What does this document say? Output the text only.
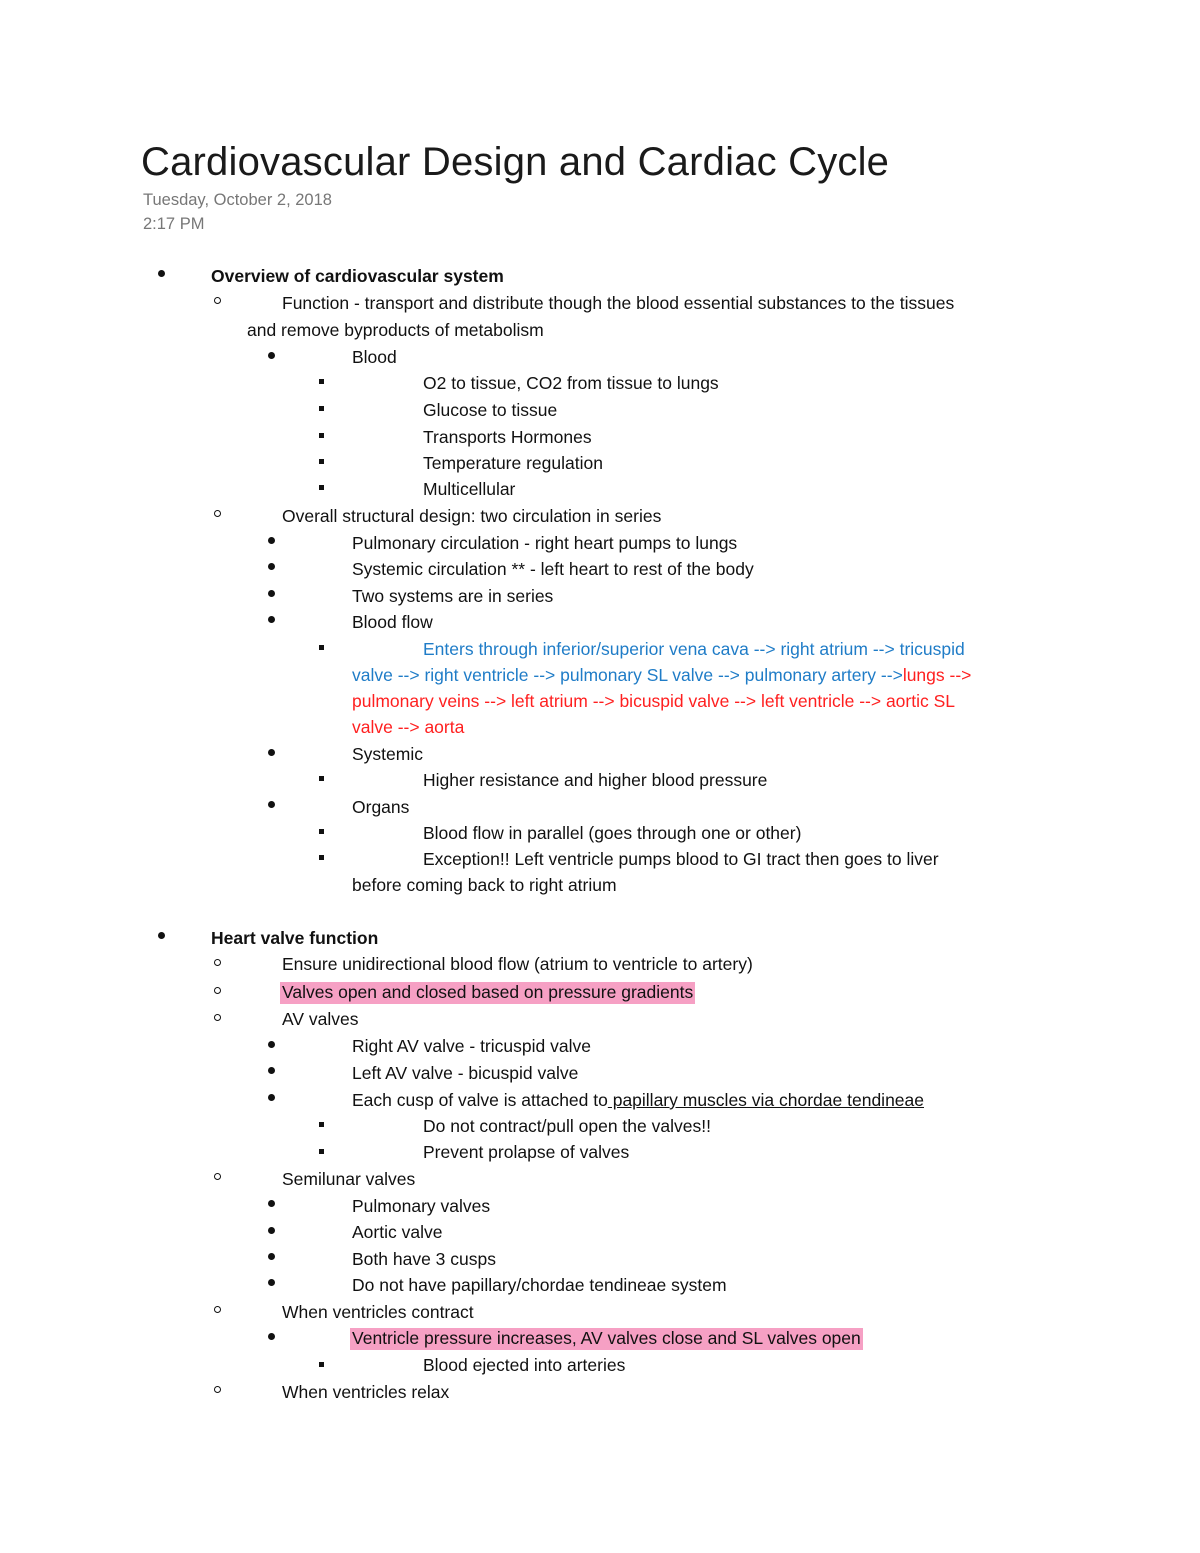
Cardiovascular Design and Cardiac Cycle
Tuesday, October 2, 2018
2:17 PM
Overview of cardiovascular system
Function - transport and distribute though the blood essential substances to the tissues
and remove byproducts of metabolism
Blood
O2 to tissue, CO2 from tissue to lungs
Glucose to tissue
Transports Hormones
Temperature regulation
Multicellular
Overall structural design: two circulation in series
Pulmonary circulation - right heart pumps to lungs
Systemic circulation ** - left heart to rest of the body
Two systems are in series
Blood flow
Enters through inferior/superior vena cava --> right atrium --> tricuspid
valve --> right ventricle --> pulmonary SL valve --> pulmonary artery -->lungs -->
pulmonary veins --> left atrium --> bicuspid valve --> left ventricle --> aortic SL
valve --> aorta
Systemic
Higher resistance and higher blood pressure
Organs
Blood flow in parallel (goes through one or other)
Exception!! Left ventricle pumps blood to GI tract then goes to liver
before coming back to right atrium
Heart valve function
Ensure unidirectional blood flow (atrium to ventricle to artery)
Valves open and closed based on pressure gradients
AV valves
Right AV valve - tricuspid valve
Left AV valve - bicuspid valve
Each cusp of valve is attached to papillary muscles via chordae tendineae
Do not contract/pull open the valves!!
Prevent prolapse of valves
Semilunar valves
Pulmonary valves
Aortic valve
Both have 3 cusps
Do not have papillary/chordae tendineae system
When ventricles contract
Ventricle pressure increases, AV valves close and SL valves open
Blood ejected into arteries
When ventricles relax
